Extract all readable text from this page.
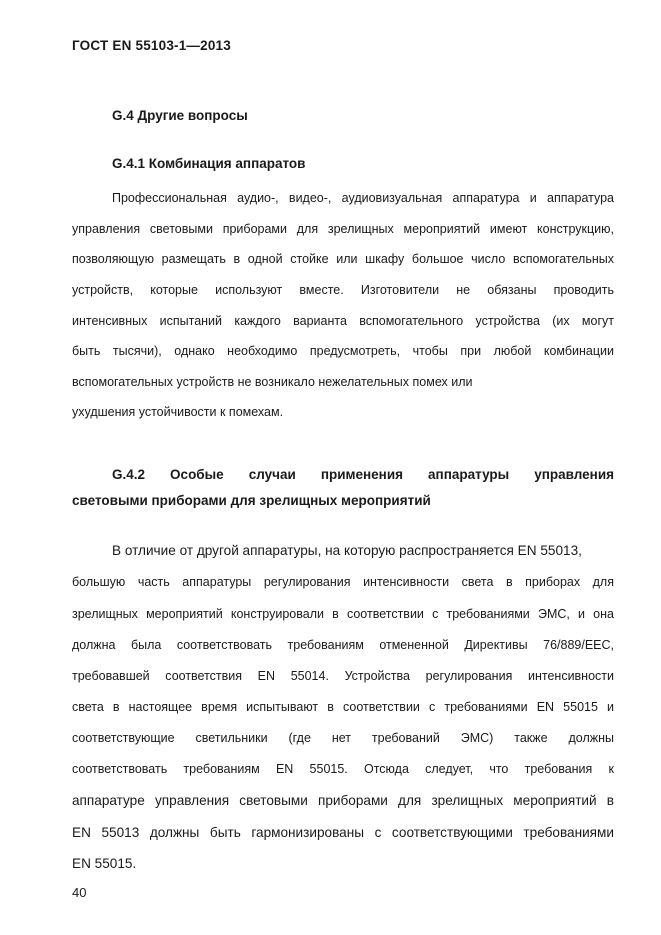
ГОСТ EN 55103-1—2013
G.4 Другие вопросы
G.4.1 Комбинация аппаратов
Профессиональная аудио-, видео-, аудиовизуальная аппаратура и аппаратура
управления световыми приборами для зрелищных мероприятий имеют конструкцию,
позволяющую размещать в одной стойке или шкафу большое число вспомогательных
устройств, которые используют вместе. Изготовители не обязаны проводить
интенсивных испытаний каждого варианта вспомогательного устройства (их могут
быть тысячи), однако необходимо предусмотреть, чтобы при любой комбинации
вспомогательных устройств не возникало нежелательных помех или
ухудшения устойчивости к помехам.
G.4.2 Особые случаи применения аппаратуры управления
световыми приборами для зрелищных мероприятий
В отличие от другой аппаратуры, на которую распространяется EN 55013,
большую часть аппаратуры регулирования интенсивности света в приборах для
зрелищных мероприятий конструировали в соответствии с требованиями ЭМС, и она
должна была соответствовать требованиям отмененной Директивы 76/889/ЕЕС,
требовавшей соответствия EN 55014. Устройства регулирования интенсивности
света в настоящее время испытывают в соответствии с требованиями EN 55015 и
соответствующие светильники (где нет требований ЭМС) также должны
соответствовать требованиям EN 55015. Отсюда следует, что требования к
аппаратуре управления световыми приборами для зрелищных мероприятий в
EN 55013 должны быть гармонизированы с соответствующими требованиями
EN 55015.
40
